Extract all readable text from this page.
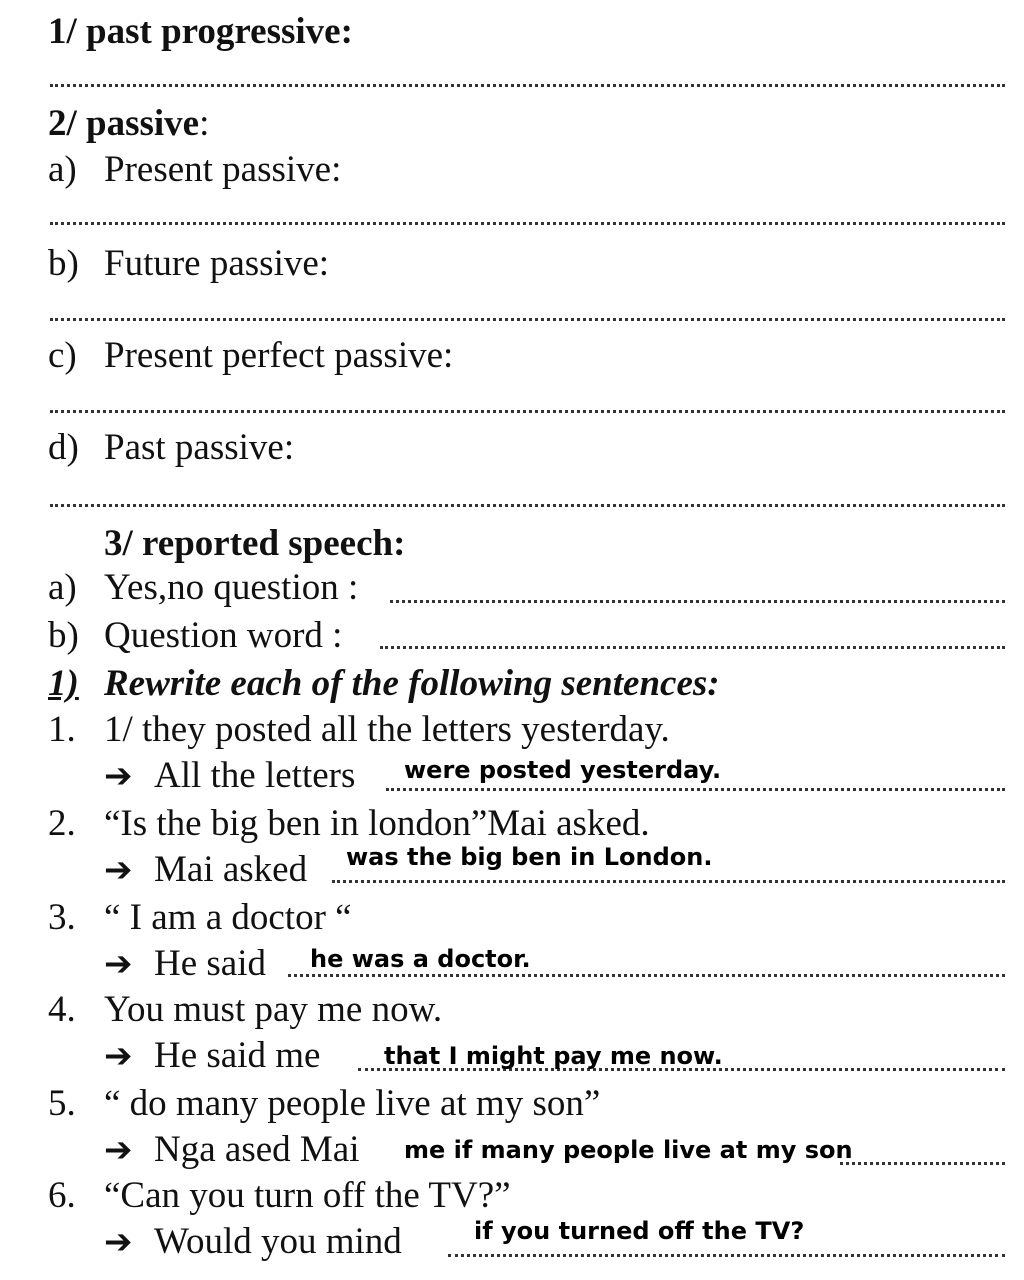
1/ past progressive:
2/ passive:
a) Present passive:
b) Future passive:
c) Present perfect passive:
d) Past passive:
3/ reported speech:
a) Yes,no question :
b) Question word :
1) Rewrite each of the following sentences:
1. 1/ they posted all the letters yesterday.
➔ All the letters were posted yesterday.
2. “Is the big ben in london”Mai asked.
➔ Mai asked was the big ben in London.
3. “ I am a doctor “
➔ He said he was a doctor.
4. You must pay me now.
➔ He said me	that I might pay me now.
5. “ do many people live at my son”
➔ Nga ased Mai me if many people live at my son
6. “Can you turn off the TV?”
➔ Would you mind	if you turned off the TV?
